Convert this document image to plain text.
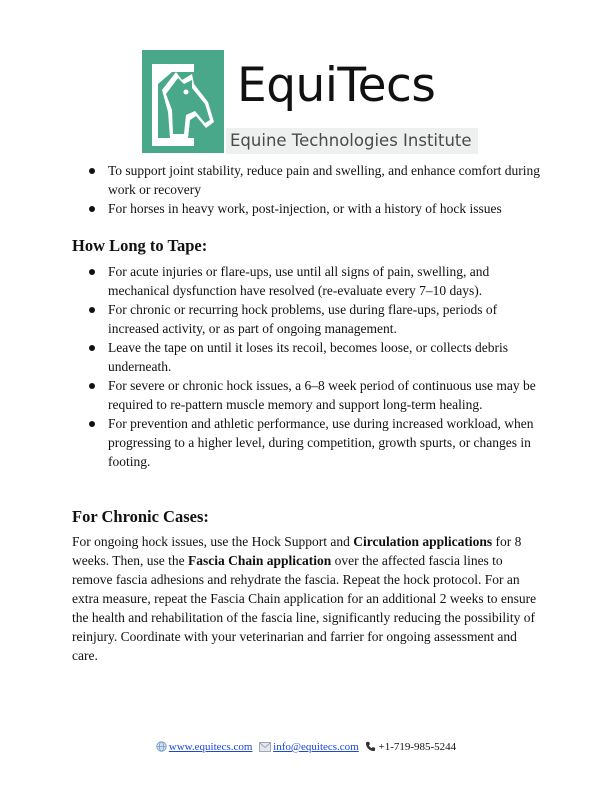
EquiTecs
Equine Technologies Institute
To support joint stability, reduce pain and swelling, and enhance comfort during work or recovery
For horses in heavy work, post-injection, or with a history of hock issues
How Long to Tape:
For acute injuries or flare-ups, use until all signs of pain, swelling, and mechanical dysfunction have resolved (re-evaluate every 7–10 days).
For chronic or recurring hock problems, use during flare-ups, periods of increased activity, or as part of ongoing management.
Leave the tape on until it loses its recoil, becomes loose, or collects debris underneath.
For severe or chronic hock issues, a 6–8 week period of continuous use may be required to re-pattern muscle memory and support long-term healing.
For prevention and athletic performance, use during increased workload, when progressing to a higher level, during competition, growth spurts, or changes in footing.
For Chronic Cases:

For ongoing hock issues, use the Hock Support and Circulation applications for 8 weeks. Then, use the Fascia Chain application over the affected fascia lines to remove fascia adhesions and rehydrate the fascia. Repeat the hock protocol. For an extra measure, repeat the Fascia Chain application for an additional 2 weeks to ensure the health and rehabilitation of the fascia line, significantly reducing the possibility of reinjury. Coordinate with your veterinarian and farrier for ongoing assessment and care.

www.equitecs.com info@equitecs.com +1-719-985-5244
